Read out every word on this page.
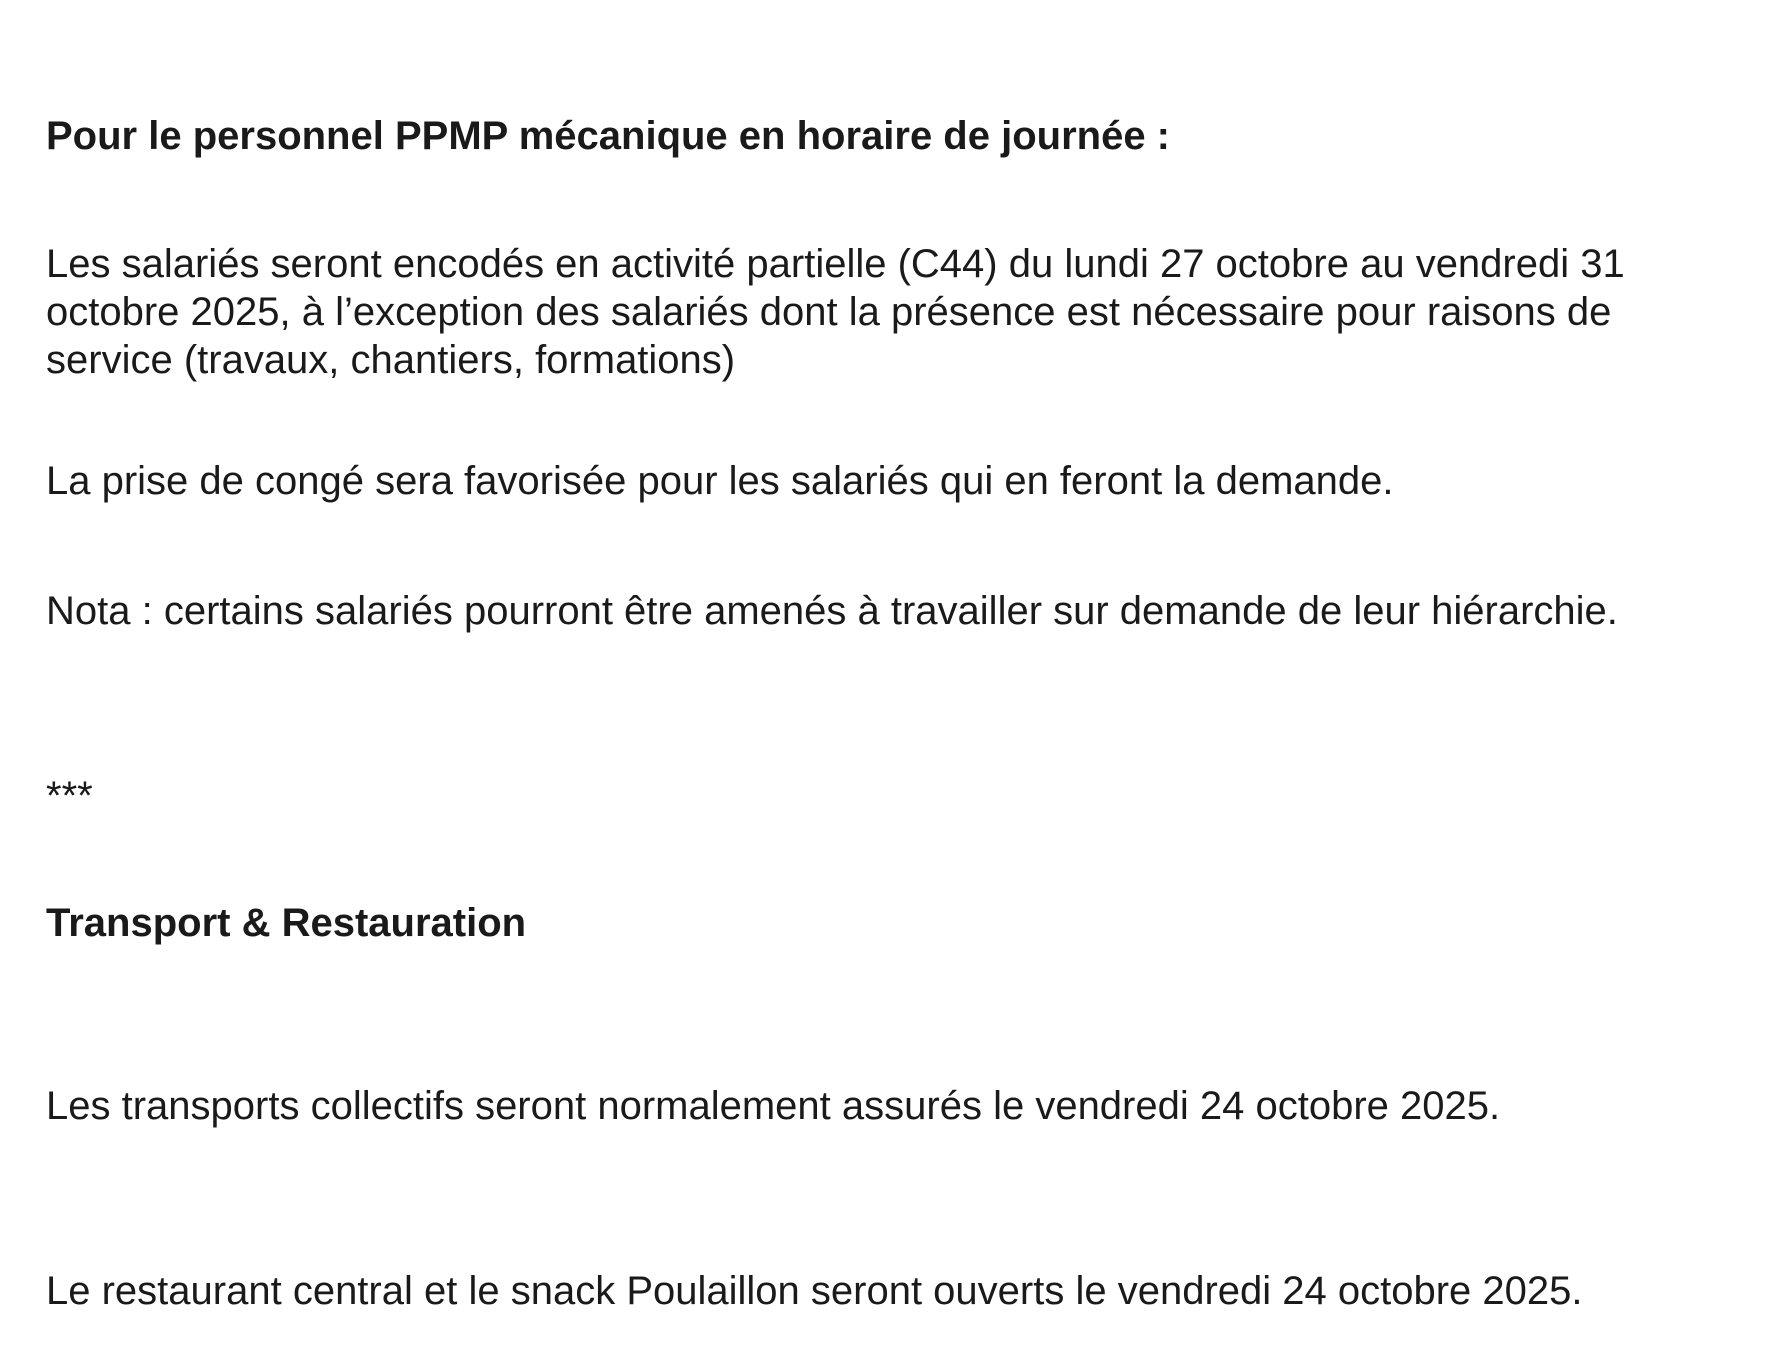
Pour le personnel PPMP mécanique en horaire de journée :

Les salariés seront encodés en activité partielle (C44) du lundi 27 octobre au vendredi 31 octobre 2025, à l’exception des salariés dont la présence est nécessaire pour raisons de service (travaux, chantiers, formations)

La prise de congé sera favorisée pour les salariés qui en feront la demande.

Nota : certains salariés pourront être amenés à travailler sur demande de leur hiérarchie.

***
Transport & Restauration

Les transports collectifs seront normalement assurés le vendredi 24 octobre 2025.

Le restaurant central et le snack Poulaillon seront ouverts le vendredi 24 octobre 2025.
